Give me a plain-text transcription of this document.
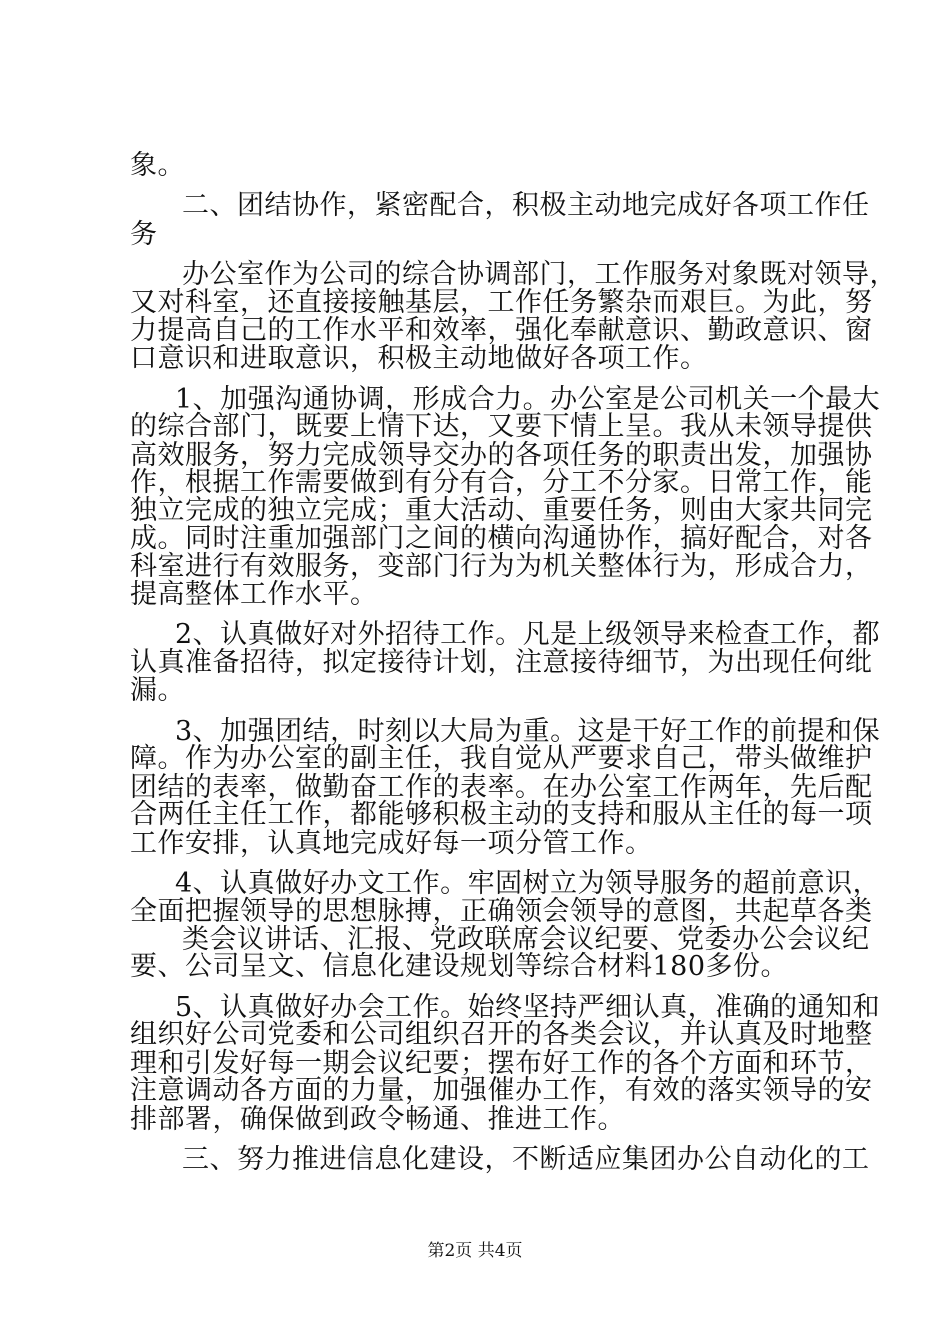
象。
二、团结协作，紧密配合，积极主动地完成好各项工作任
务
办公室作为公司的综合协调部门，工作服务对象既对领导，
又对科室，还直接接触基层，工作任务繁杂而艰巨。为此，努
力提高自己的工作水平和效率，强化奉献意识、勤政意识、窗
口意识和进取意识，积极主动地做好各项工作。
1、加强沟通协调，形成合力。办公室是公司机关一个最大
的综合部门，既要上情下达，又要下情上呈。我从未领导提供
高效服务，努力完成领导交办的各项任务的职责出发，加强协
作，根据工作需要做到有分有合，分工不分家。日常工作，能
独立完成的独立完成；重大活动、重要任务，则由大家共同完
成。同时注重加强部门之间的横向沟通协作，搞好配合，对各
科室进行有效服务，变部门行为为机关整体行为，形成合力，
提高整体工作水平。
2、认真做好对外招待工作。凡是上级领导来检查工作，都
认真准备招待，拟定接待计划，注意接待细节，为出现任何纰
漏。
3、加强团结，时刻以大局为重。这是干好工作的前提和保
障。作为办公室的副主任，我自觉从严要求自己，带头做维护
团结的表率，做勤奋工作的表率。在办公室工作两年，先后配
合两任主任工作，都能够积极主动的支持和服从主任的每一项
工作安排，认真地完成好每一项分管工作。
4、认真做好办文工作。牢固树立为领导服务的超前意识，
全面把握领导的思想脉搏，正确领会领导的意图，共起草各类
类会议讲话、汇报、党政联席会议纪要、党委办公会议纪
要、公司呈文、信息化建设规划等综合材料180多份。
5、认真做好办会工作。始终坚持严细认真，准确的通知和
组织好公司党委和公司组织召开的各类会议，并认真及时地整
理和引发好每一期会议纪要；摆布好工作的各个方面和环节，
注意调动各方面的力量，加强催办工作，有效的落实领导的安
排部署，确保做到政令畅通、推进工作。
三、努力推进信息化建设，不断适应集团办公自动化的工
第2页 共4页
